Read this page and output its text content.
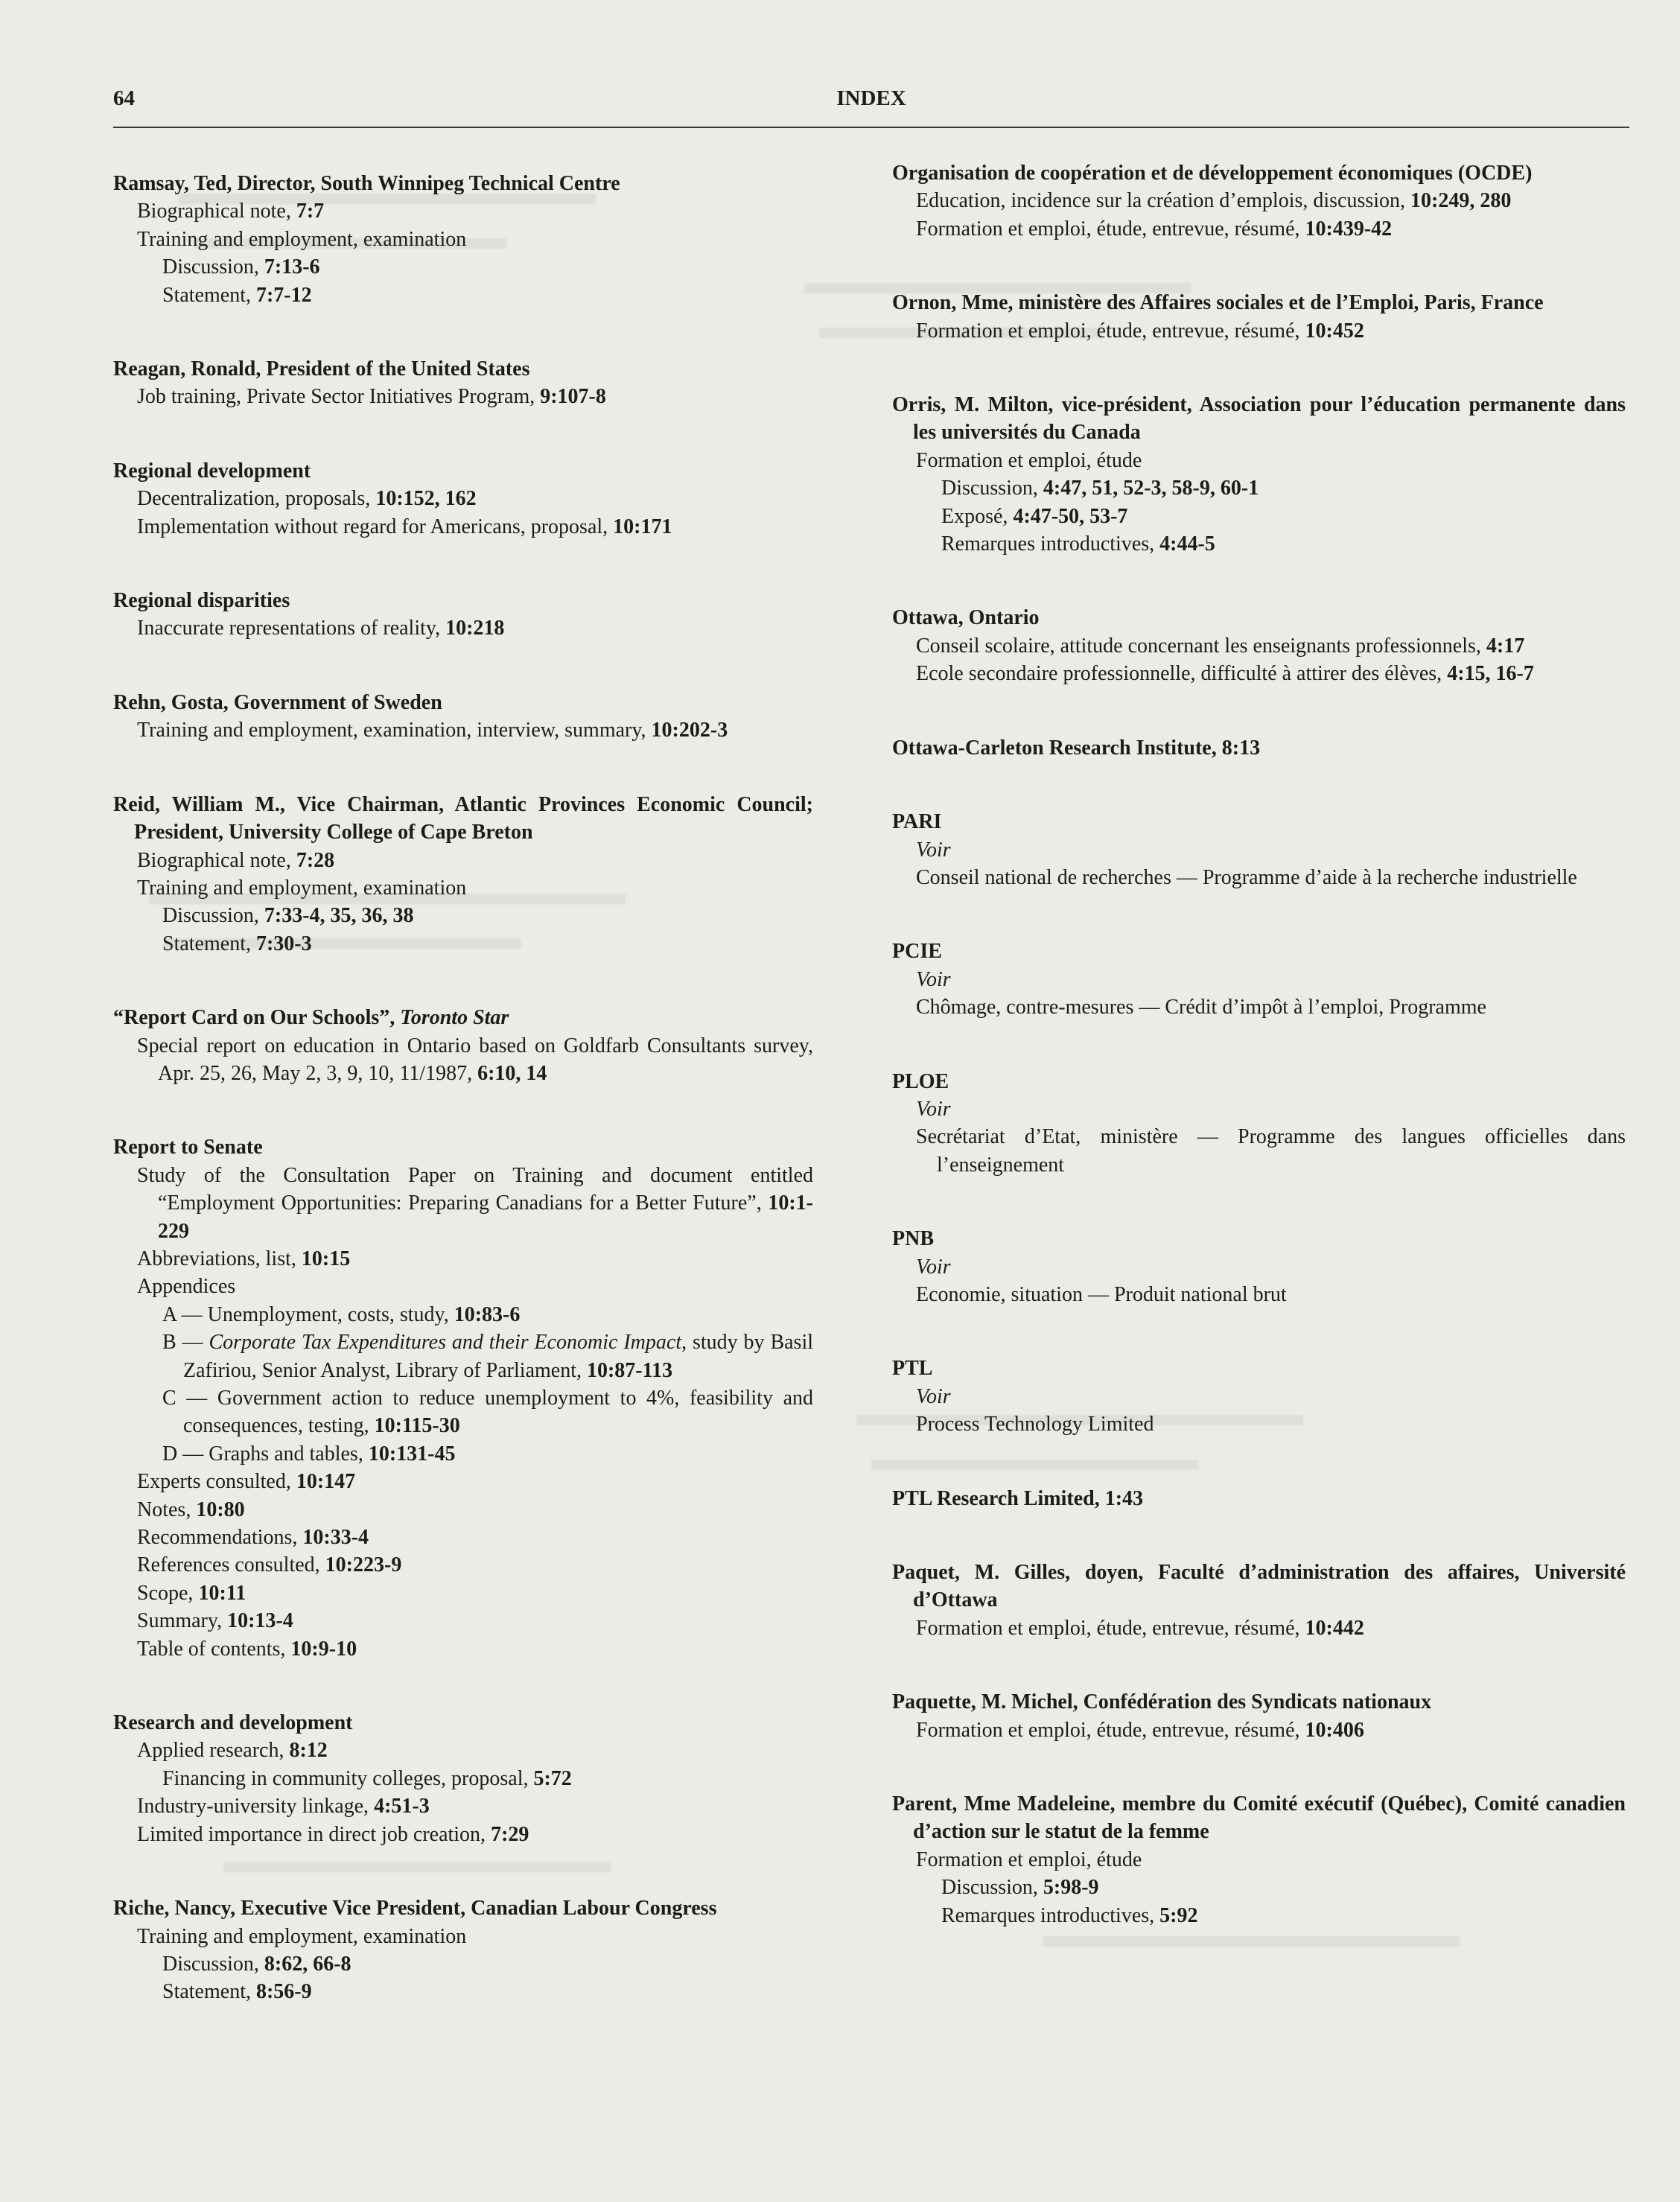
64	INDEX
Ramsay, Ted, Director, South Winnipeg Technical Centre
Biographical note, 7:7
Training and employment, examination
Discussion, 7:13-6
Statement, 7:7-12
Reagan, Ronald, President of the United States
Job training, Private Sector Initiatives Program, 9:107-8
Regional development
Decentralization, proposals, 10:152, 162
Implementation without regard for Americans, proposal, 10:171
Regional disparities
Inaccurate representations of reality, 10:218
Rehn, Gosta, Government of Sweden
Training and employment, examination, interview, summary, 10:202-3
Reid, William M., Vice Chairman, Atlantic Provinces Economic Council; President, University College of Cape Breton
Biographical note, 7:28
Training and employment, examination
Discussion, 7:33-4, 35, 36, 38
Statement, 7:30-3
“Report Card on Our Schools”, Toronto Star
Special report on education in Ontario based on Goldfarb Consultants survey, Apr. 25, 26, May 2, 3, 9, 10, 11/1987, 6:10, 14
Report to Senate
Study of the Consultation Paper on Training and document entitled “Employment Opportunities: Preparing Canadians for a Better Future”, 10:1-229
Abbreviations, list, 10:15
Appendices
A — Unemployment, costs, study, 10:83-6
B — Corporate Tax Expenditures and their Economic Impact, study by Basil Zafiriou, Senior Analyst, Library of Parliament, 10:87-113
C — Government action to reduce unemployment to 4%, feasibility and consequences, testing, 10:115-30
D — Graphs and tables, 10:131-45
Experts consulted, 10:147
Notes, 10:80
Recommendations, 10:33-4
References consulted, 10:223-9
Scope, 10:11
Summary, 10:13-4
Table of contents, 10:9-10
Research and development
Applied research, 8:12
Financing in community colleges, proposal, 5:72
Industry-university linkage, 4:51-3
Limited importance in direct job creation, 7:29
Riche, Nancy, Executive Vice President, Canadian Labour Congress
Training and employment, examination
Discussion, 8:62, 66-8
Statement, 8:56-9
Organisation de coopération et de développement économiques (OCDE)
Education, incidence sur la création d’emplois, discussion, 10:249, 280
Formation et emploi, étude, entrevue, résumé, 10:439-42
Ornon, Mme, ministère des Affaires sociales et de l’Emploi, Paris, France
Formation et emploi, étude, entrevue, résumé, 10:452
Orris, M. Milton, vice-président, Association pour l’éducation permanente dans les universités du Canada
Formation et emploi, étude
Discussion, 4:47, 51, 52-3, 58-9, 60-1
Exposé, 4:47-50, 53-7
Remarques introductives, 4:44-5
Ottawa, Ontario
Conseil scolaire, attitude concernant les enseignants professionnels, 4:17
Ecole secondaire professionnelle, difficulté à attirer des élèves, 4:15, 16-7
Ottawa-Carleton Research Institute, 8:13
PARI
Voir
Conseil national de recherches — Programme d’aide à la recherche industrielle
PCIE
Voir
Chômage, contre-mesures — Crédit d’impôt à l’emploi, Programme
PLOE
Voir
Secrétariat d’Etat, ministère — Programme des langues officielles dans l’enseignement
PNB
Voir
Economie, situation — Produit national brut
PTL
Voir
Process Technology Limited
PTL Research Limited, 1:43
Paquet, M. Gilles, doyen, Faculté d’administration des affaires, Université d’Ottawa
Formation et emploi, étude, entrevue, résumé, 10:442
Paquette, M. Michel, Confédération des Syndicats nationaux
Formation et emploi, étude, entrevue, résumé, 10:406
Parent, Mme Madeleine, membre du Comité exécutif (Québec), Comité canadien d’action sur le statut de la femme
Formation et emploi, étude
Discussion, 5:98-9
Remarques introductives, 5:92
